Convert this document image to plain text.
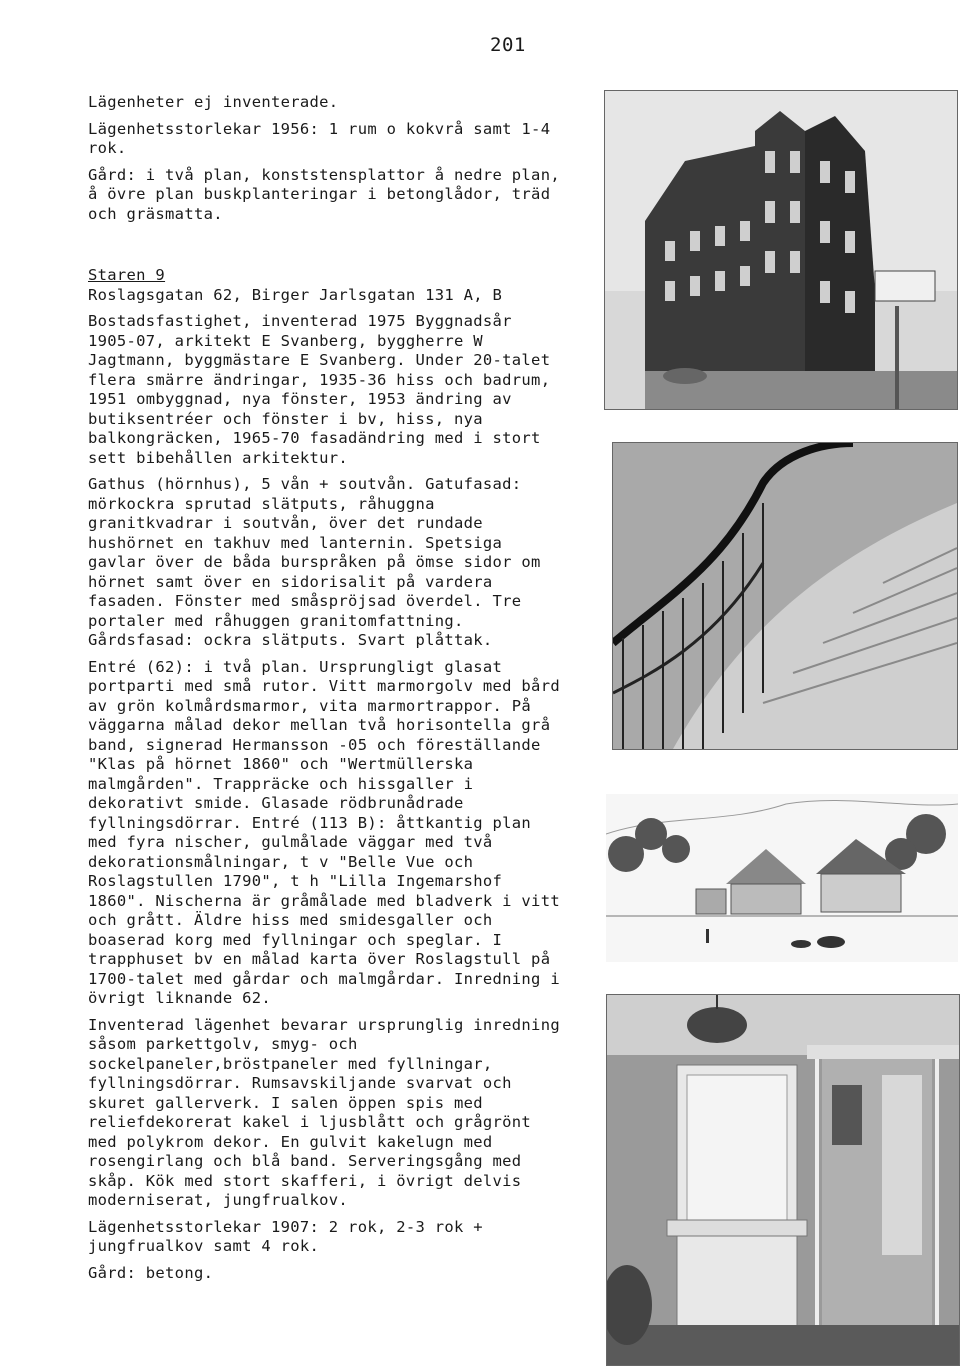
201

Lägenheter ej inventerade.

Lägenhetsstorlekar 1956: 1 rum o kokvrå samt 1-4 rok.

Gård: i två plan, konststensplattor å nedre plan, å övre plan buskplanteringar i betonglådor, träd och gräsmatta.

Staren 9
Roslagsgatan 62, Birger Jarlsgatan 131 A, B

Bostadsfastighet, inventerad 1975 Byggnadsår 1905-07, arkitekt E Svanberg, byggherre W Jagtmann, byggmästare E Svanberg. Under 20-talet flera smärre ändringar, 1935-36 hiss och badrum, 1951 ombyggnad, nya fönster, 1953 ändring av butiksentréer och fönster i bv, hiss, nya balkongräcken, 1965-70 fasadändring med i stort sett bibehållen arkitektur.

Gathus (hörnhus), 5 vån + soutvån. Gatufasad: mörkockra sprutad slätputs, råhuggna granitkvadrar i soutvån, över det rundade hushörnet en takhuv med lanternin. Spetsiga gavlar över de båda burspråken på ömse sidor om hörnet samt över en sidorisalit på vardera fasaden. Fönster med småspröjsad överdel. Tre portaler med råhuggen granitomfattning. Gårdsfasad: ockra slätputs. Svart plåttak.

Entré (62): i två plan. Ursprungligt glasat portparti med små rutor. Vitt marmorgolv med bård av grön kolmårdsmarmor, vita marmortrappor. På väggarna målad dekor mellan två horisontella grå band, signerad Hermansson -05 och föreställande "Klas på hörnet 1860" och "Wertmüllerska malmgården". Trappräcke och hissgaller i dekorativt smide. Glasade rödbrunådrade fyllningsdörrar. Entré (113 B): åttkantig plan med fyra nischer, gulmålade väggar med två dekorationsmålningar, t v "Belle Vue och Roslagstullen 1790", t h "Lilla Ingemarshof 1860". Nischerna är gråmålade med bladverk i vitt och grått. Äldre hiss med smidesgaller och boaserad korg med fyllningar och speglar. I trapphuset bv en målad karta över Roslagstull på 1700-talet med gårdar och malmgårdar. Inredning i övrigt liknande 62.

Inventerad lägenhet bevarar ursprunglig inredning såsom parkettgolv, smyg- och sockelpaneler,bröstpaneler med fyllningar, fyllningsdörrar. Rumsavskiljande svarvat och skuret gallerverk. I salen öppen spis med reliefdekorerat kakel i ljusblått och grågrönt med polykrom dekor. En gulvit kakelugn med rosengirlang och blå band. Serveringsgång med skåp. Kök med stort skafferi, i övrigt delvis moderniserat, jungfrualkov.

Lägenhetsstorlekar 1907: 2 rok, 2-3 rok + jungfrualkov samt 4 rok.

Gård: betong.
